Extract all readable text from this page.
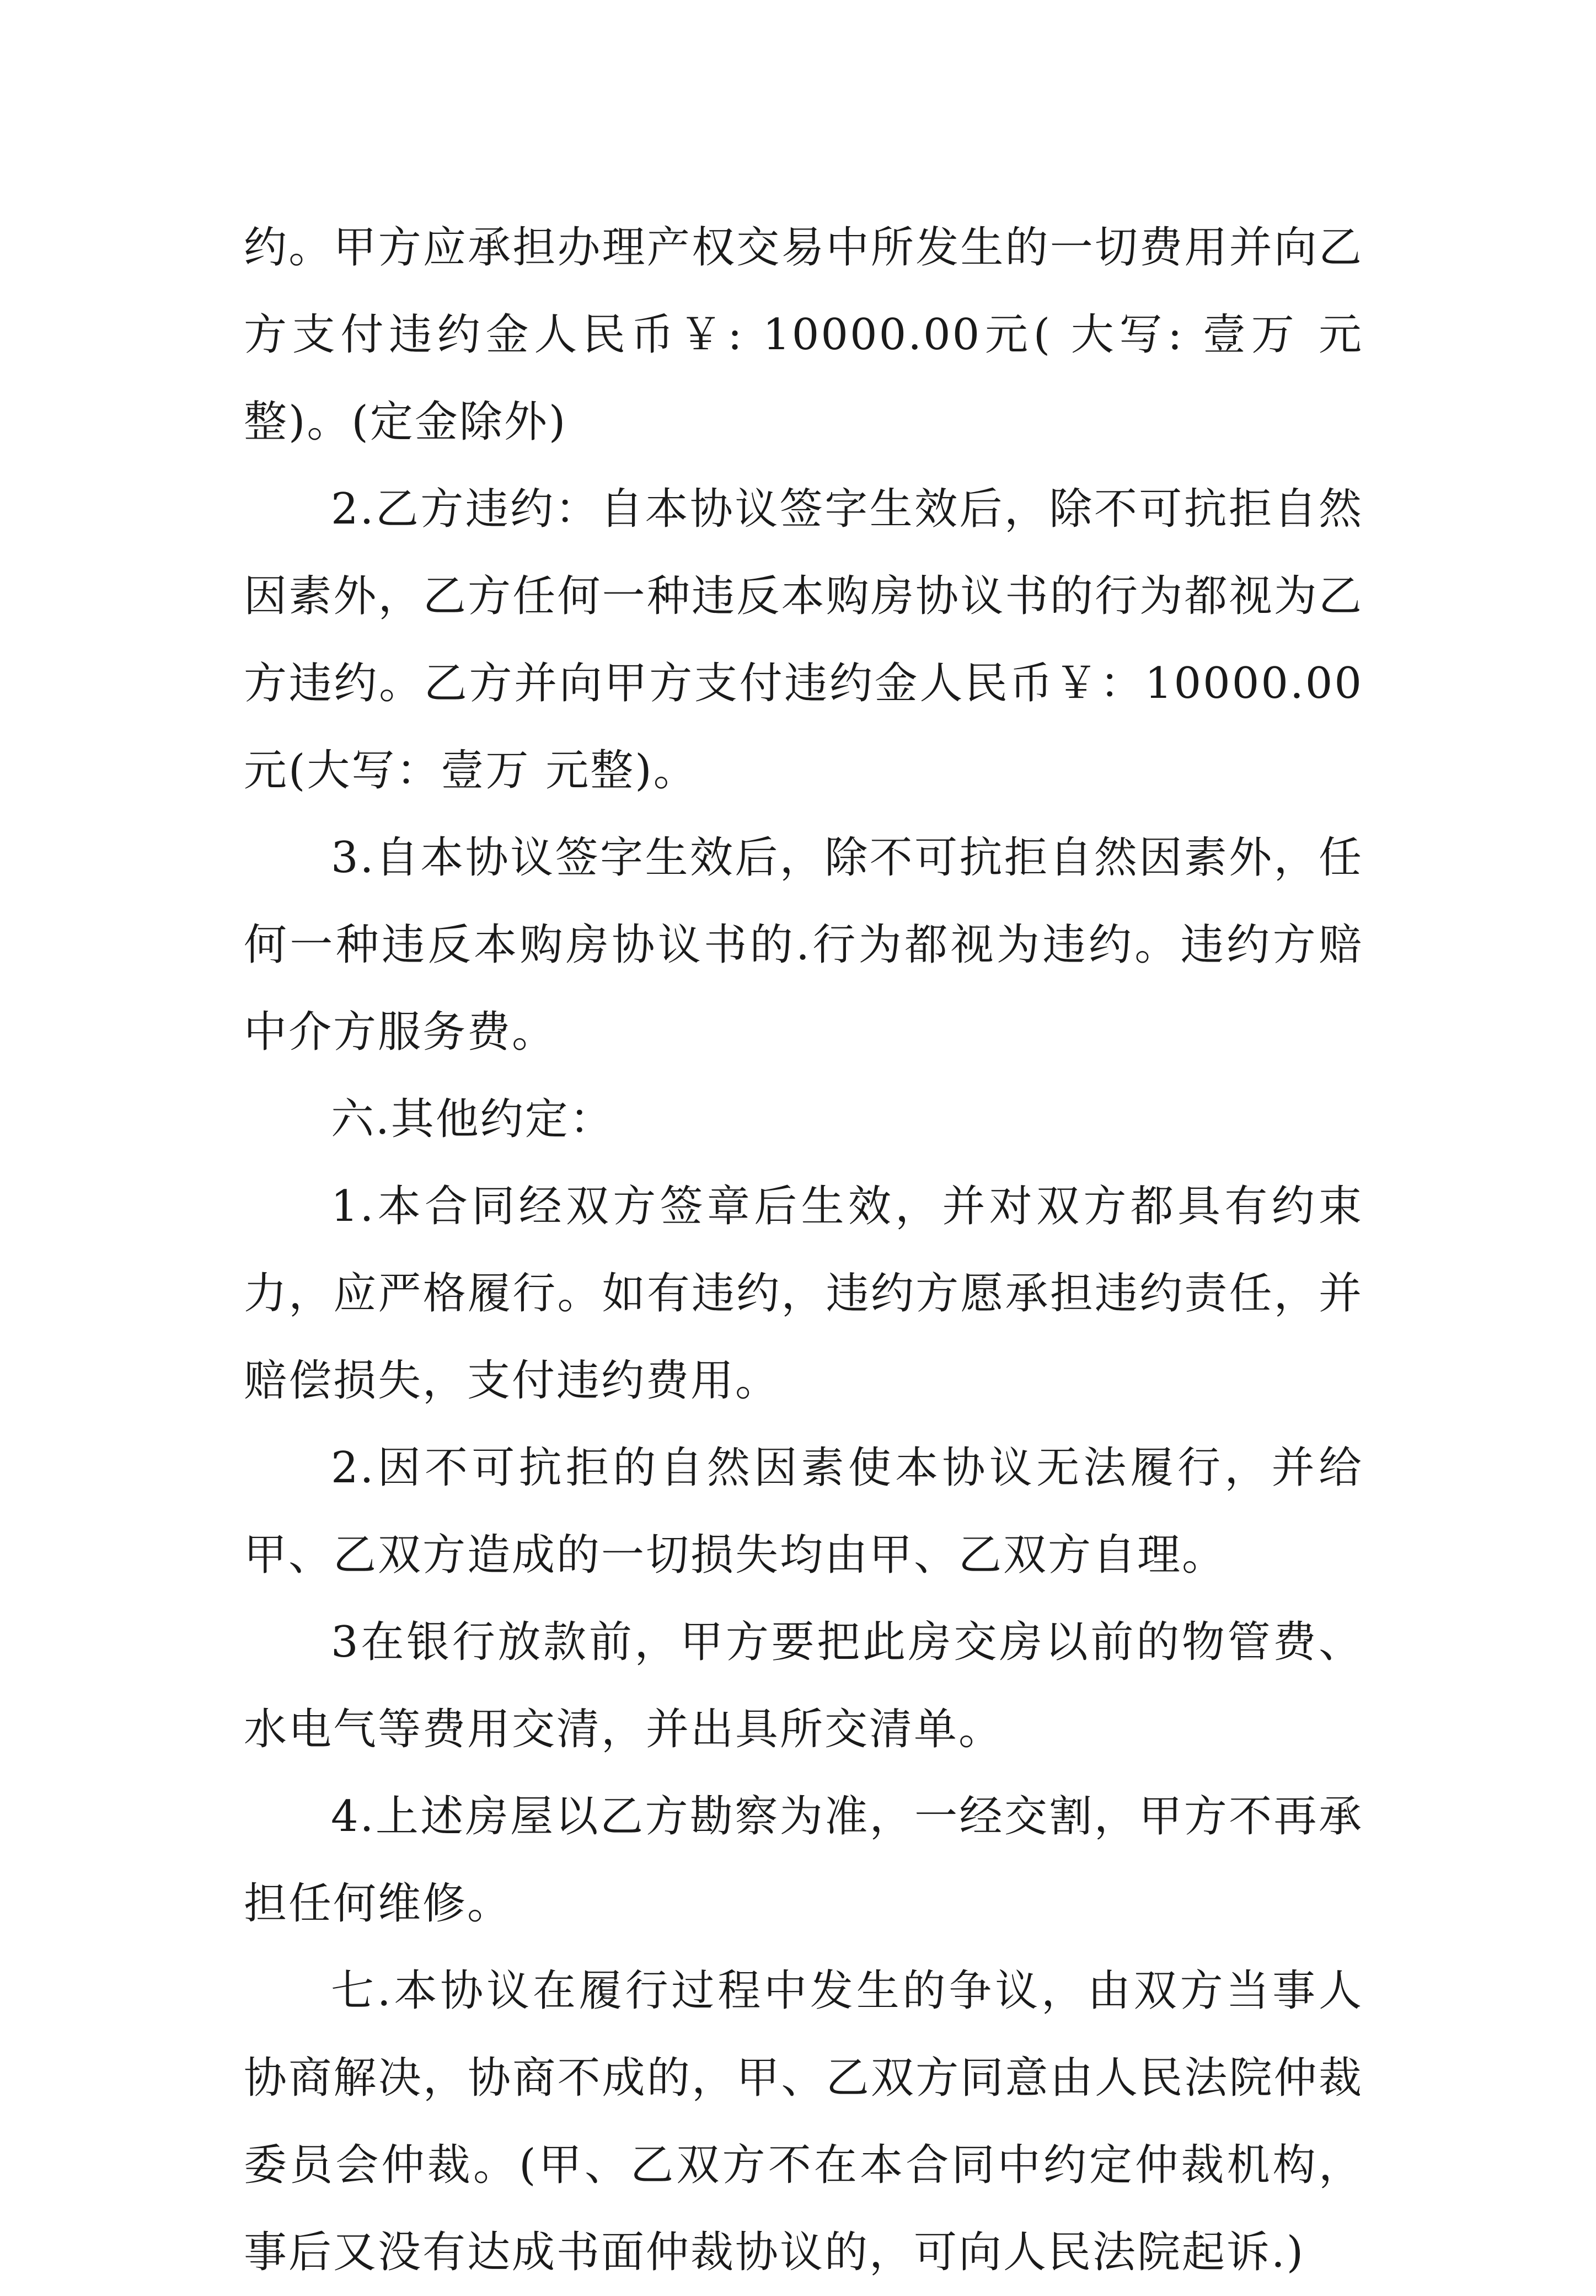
约。甲方应承担办理产权交易中所发生的一切费用并向乙方支付违约金人民币￥: 10000.00元( 大写: 壹万 元整)。(定金除外)

2.乙方违约：自本协议签字生效后，除不可抗拒自然因素外，乙方任何一种违反本购房协议书的行为都视为乙方违约。乙方并向甲方支付违约金人民币￥：10000.00元(大写：壹万 元整)。

3.自本协议签字生效后，除不可抗拒自然因素外，任何一种违反本购房协议书的.行为都视为违约。违约方赔中介方服务费。

六.其他约定：

1.本合同经双方签章后生效，并对双方都具有约束力，应严格履行。如有违约，违约方愿承担违约责任，并赔偿损失，支付违约费用。

2.因不可抗拒的自然因素使本协议无法履行，并给甲、乙双方造成的一切损失均由甲、乙双方自理。

3在银行放款前，甲方要把此房交房以前的物管费、水电气等费用交清，并出具所交清单。

4.上述房屋以乙方勘察为准，一经交割，甲方不再承担任何维修。

七.本协议在履行过程中发生的争议，由双方当事人协商解决，协商不成的，甲、乙双方同意由人民法院仲裁委员会仲裁。(甲、乙双方不在本合同中约定仲裁机构，事后又没有达成书面仲裁协议的，可向人民法院起诉.)
